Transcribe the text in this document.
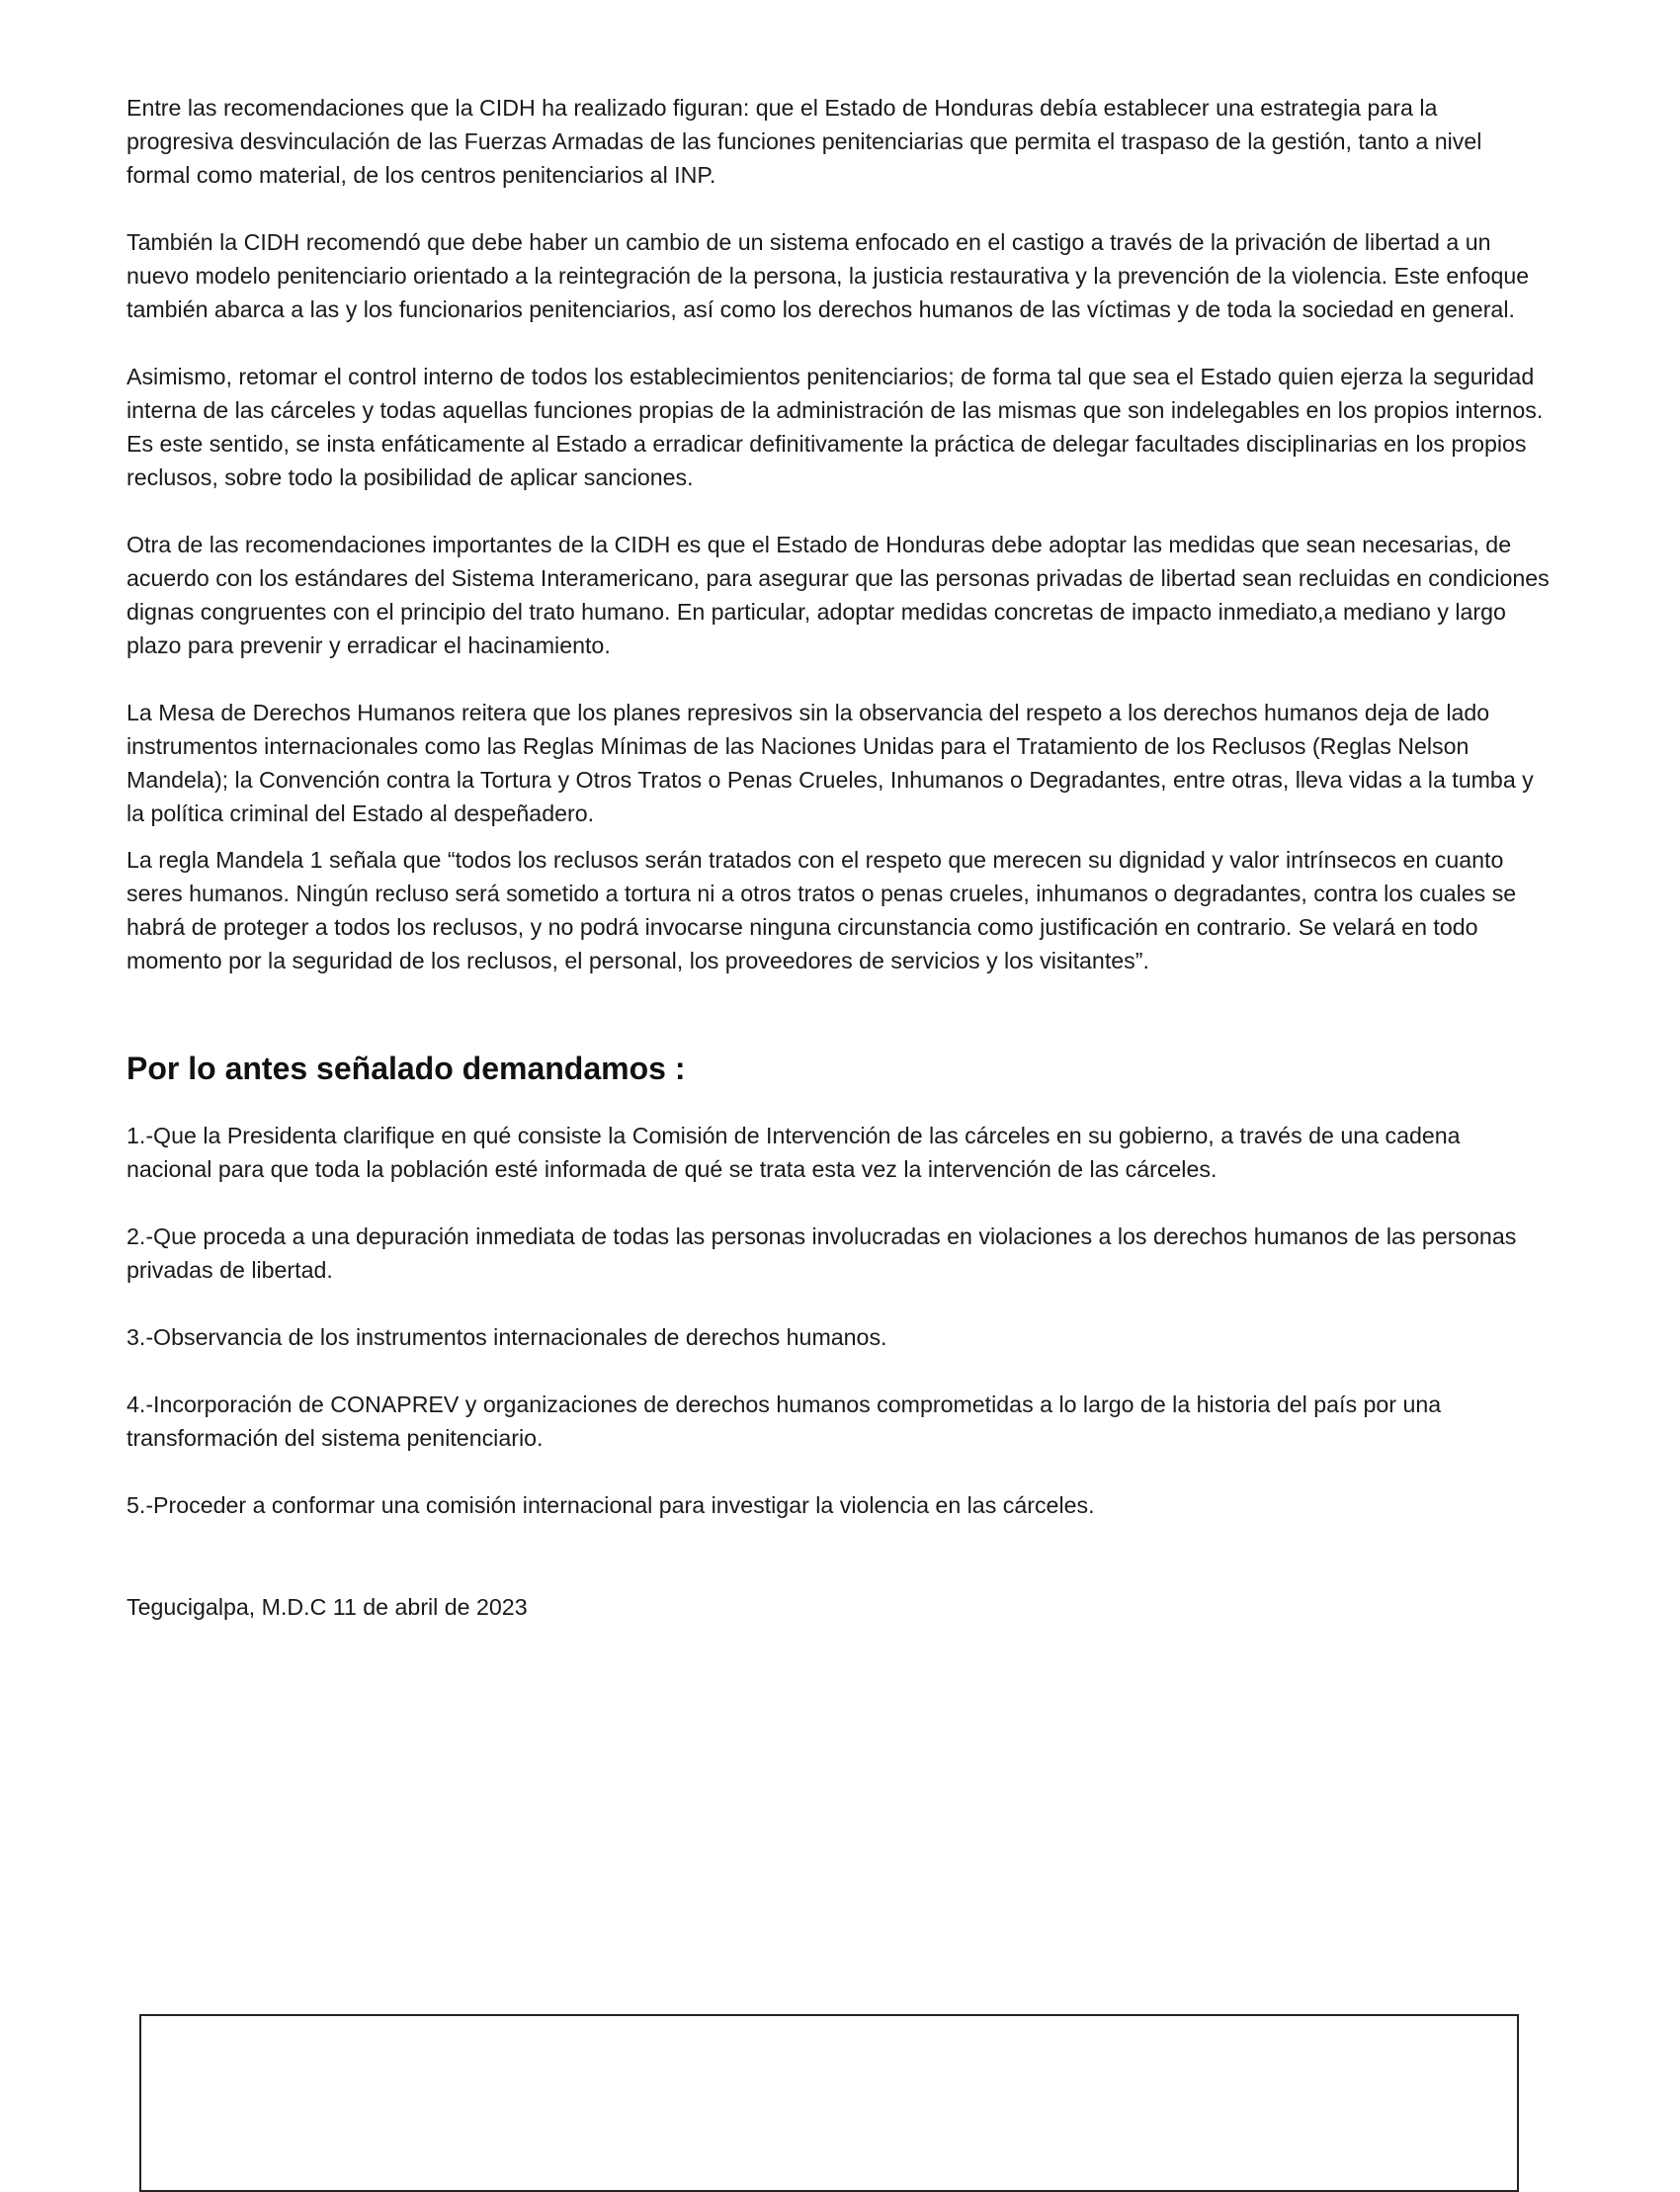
Entre las recomendaciones que la CIDH ha realizado figuran: que el Estado de Honduras debía establecer una estrategia para la progresiva desvinculación de las Fuerzas Armadas de las funciones penitenciarias que permita el traspaso de la gestión, tanto a nivel formal como material, de los centros penitenciarios al INP.

También la CIDH recomendó que debe haber un cambio de un sistema enfocado en el castigo a través de la privación de libertad a un nuevo modelo penitenciario orientado a la reintegración de la persona, la justicia restaurativa y la prevención de la violencia. Este enfoque también abarca a las y los funcionarios penitenciarios, así como los derechos humanos de las víctimas y de toda la sociedad en general.

Asimismo, retomar el control interno de todos los establecimientos penitenciarios; de forma tal que sea el Estado quien ejerza la seguridad interna de las cárceles y todas aquellas funciones propias de la administración de las mismas que son indelegables en los propios internos. Es este sentido, se insta enfáticamente al Estado a erradicar definitivamente la práctica de delegar facultades disciplinarias en los propios reclusos, sobre todo la posibilidad de aplicar sanciones.

Otra de las recomendaciones importantes de la CIDH es que el Estado de Honduras debe adoptar las medidas que sean necesarias, de acuerdo con los estándares del Sistema Interamericano, para asegurar que las personas privadas de libertad sean recluidas en condiciones dignas congruentes con el principio del trato humano. En particular, adoptar medidas concretas de impacto inmediato,a mediano y largo plazo para prevenir y erradicar el hacinamiento.

La Mesa de Derechos Humanos reitera que los planes represivos sin la observancia del respeto a los derechos humanos deja de lado instrumentos internacionales como las Reglas Mínimas de las Naciones Unidas para el Tratamiento de los Reclusos (Reglas Nelson Mandela); la Convención contra la Tortura y Otros Tratos o Penas Crueles, Inhumanos o Degradantes, entre otras, lleva vidas a la tumba y la política criminal del Estado al despeñadero.

La regla Mandela 1 señala que “todos los reclusos serán tratados con el respeto que merecen su dignidad y valor intrínsecos en cuanto seres humanos. Ningún recluso será sometido a tortura ni a otros tratos o penas crueles, inhumanos o degradantes, contra los cuales se habrá de proteger a todos los reclusos, y no podrá invocarse ninguna circunstancia como justificación en contrario. Se velará en todo momento por la seguridad de los reclusos, el personal, los proveedores de servicios y los visitantes”.

Por lo antes señalado demandamos :

1.-Que la Presidenta clarifique en qué consiste la Comisión de Intervención de las cárceles en su gobierno, a través de una cadena nacional para que toda la población esté informada de qué se trata esta vez la intervención de las cárceles.

2.-Que proceda a una depuración inmediata de todas las personas involucradas en violaciones a los derechos humanos de las personas privadas de libertad.

3.-Observancia de los instrumentos internacionales de derechos humanos.

4.-Incorporación de CONAPREV y organizaciones de derechos humanos comprometidas a lo largo de la historia del país por una transformación del sistema penitenciario.

5.-Proceder a conformar una comisión internacional para investigar la violencia en las cárceles.

Tegucigalpa, M.D.C 11 de abril de 2023
